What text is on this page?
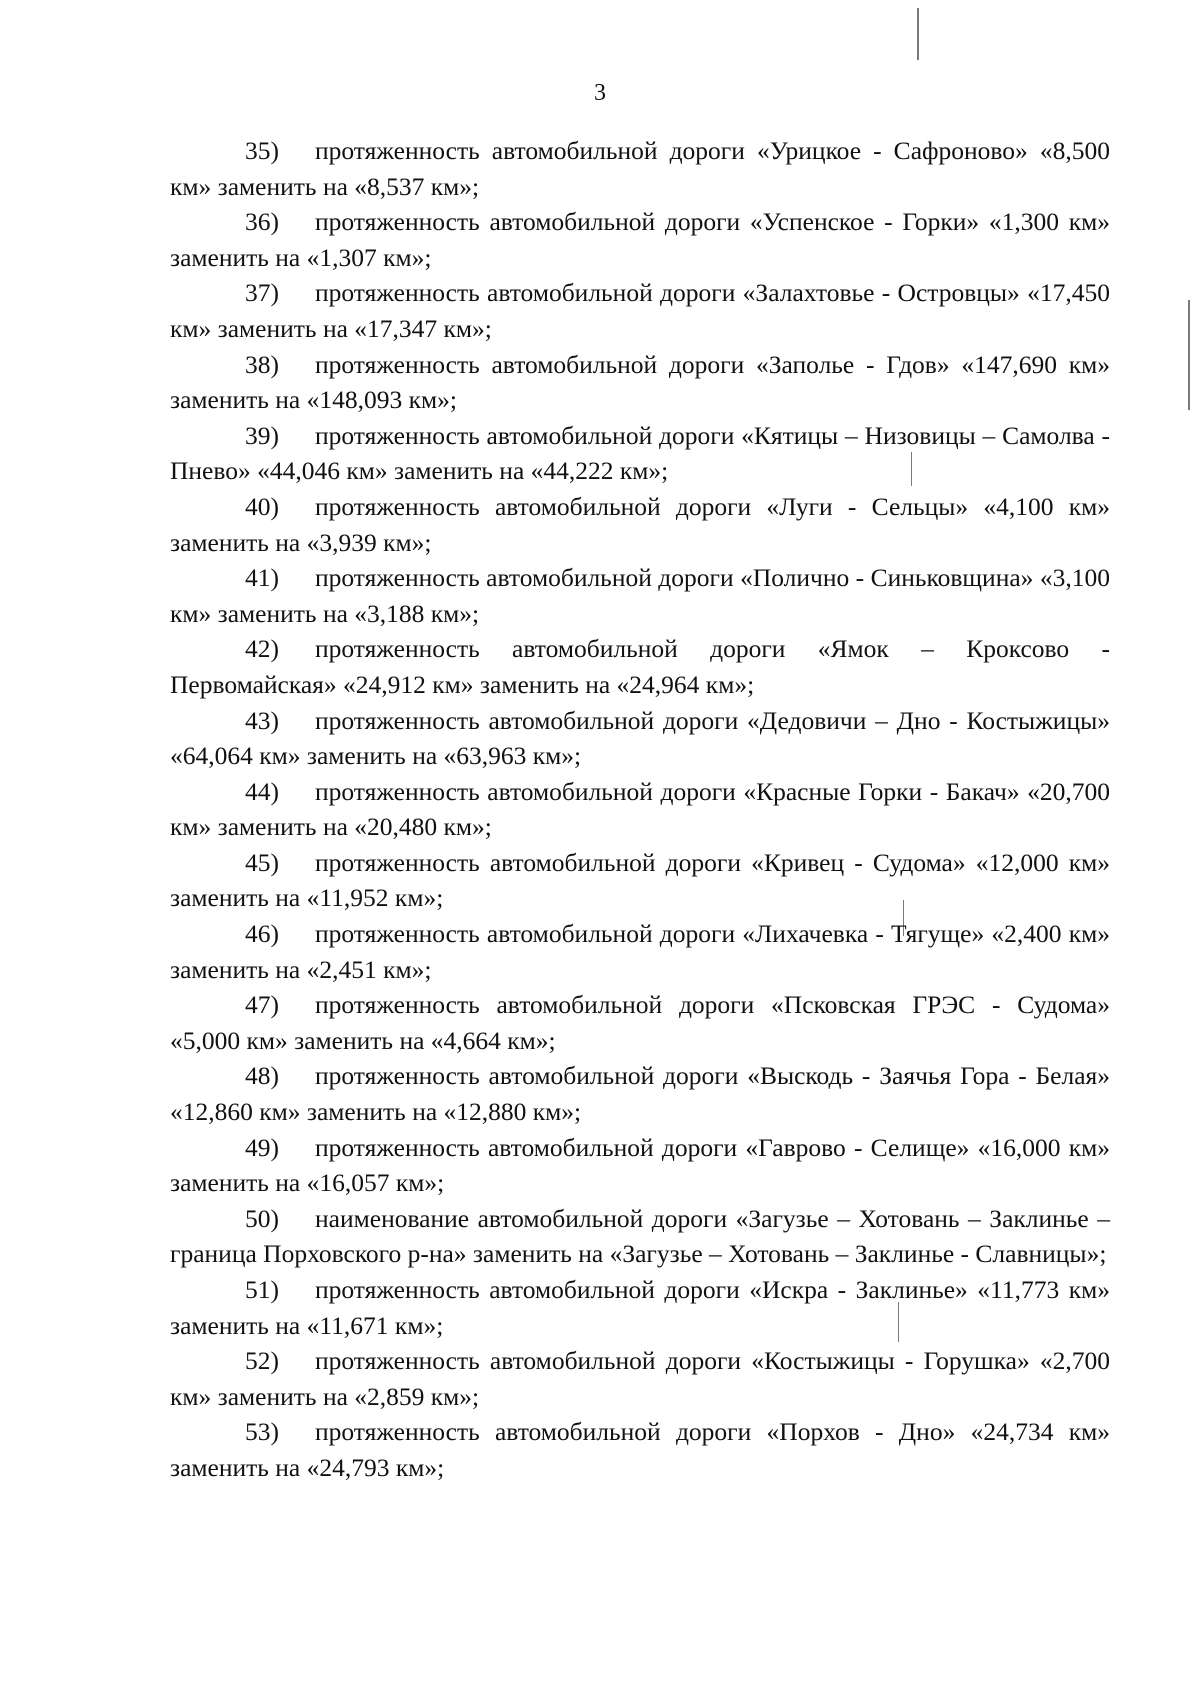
3
35) протяженность автомобильной дороги «Урицкое - Сафроново» «8,500 км» заменить на «8,537 км»;
36) протяженность автомобильной дороги «Успенское - Горки» «1,300 км» заменить на «1,307 км»;
37) протяженность автомобильной дороги «Залахтовье - Островцы» «17,450 км» заменить на «17,347 км»;
38) протяженность автомобильной дороги «Заполье - Гдов» «147,690 км» заменить на «148,093 км»;
39) протяженность автомобильной дороги «Кятицы – Низовицы – Самолва - Пнево» «44,046 км» заменить на «44,222 км»;
40) протяженность автомобильной дороги «Луги - Сельцы» «4,100 км» заменить на «3,939 км»;
41) протяженность автомобильной дороги «Полично - Синьковщина» «3,100 км» заменить на «3,188 км»;
42) протяженность автомобильной дороги «Ямок – Кроксово - Первомайская» «24,912 км» заменить на «24,964 км»;
43) протяженность автомобильной дороги «Дедовичи – Дно - Костыжицы» «64,064 км» заменить на «63,963 км»;
44) протяженность автомобильной дороги «Красные Горки - Бакач» «20,700 км» заменить на «20,480 км»;
45) протяженность автомобильной дороги «Кривец - Судома» «12,000 км» заменить на «11,952 км»;
46) протяженность автомобильной дороги «Лихачевка - Тягуще» «2,400 км» заменить на «2,451 км»;
47) протяженность автомобильной дороги «Псковская ГРЭС - Судома» «5,000 км» заменить на «4,664 км»;
48) протяженность автомобильной дороги «Выскодь - Заячья Гора - Белая» «12,860 км» заменить на «12,880 км»;
49) протяженность автомобильной дороги «Гаврово - Селище» «16,000 км» заменить на «16,057 км»;
50) наименование автомобильной дороги «Загузье – Хотовань – Заклинье – граница Порховского р-на» заменить на «Загузье – Хотовань – Заклинье - Славницы»;
51) протяженность автомобильной дороги «Искра - Заклинье» «11,773 км» заменить на «11,671 км»;
52) протяженность автомобильной дороги «Костыжицы - Горушка» «2,700 км» заменить на «2,859 км»;
53) протяженность автомобильной дороги «Порхов - Дно» «24,734 км» заменить на «24,793 км»;
